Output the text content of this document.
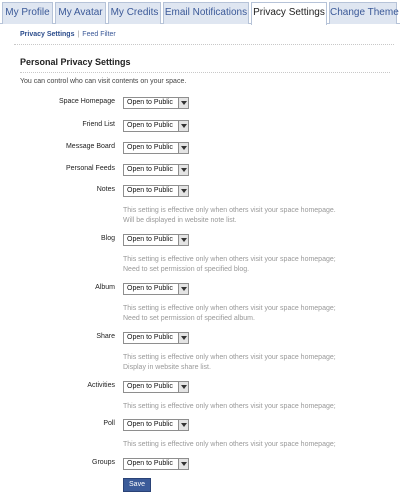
My Profile My Avatar My Credits Email Notifications Privacy Settings Change Theme
Privacy Settings | Feed Filter
Personal Privacy Settings
You can control who can visit contents on your space.
Space Homepage Open to Public
Friend List Open to Public
Message Board Open to Public
Personal Feeds Open to Public
Notes Open to Public
This setting is effective only when others visit your space homepage.
Will be displayed in website note list.
Blog Open to Public
This setting is effective only when others visit your space homepage;
Need to set permission of specified blog.
Album Open to Public
This setting is effective only when others visit your space homepage;
Need to set permission of specified album.
Share Open to Public
This setting is effective only when others visit your space homepage;
Display in website share list.
Activities Open to Public
This setting is effective only when others visit your space homepage;
Poll Open to Public
This setting is effective only when others visit your space homepage;
Groups Open to Public
Save
